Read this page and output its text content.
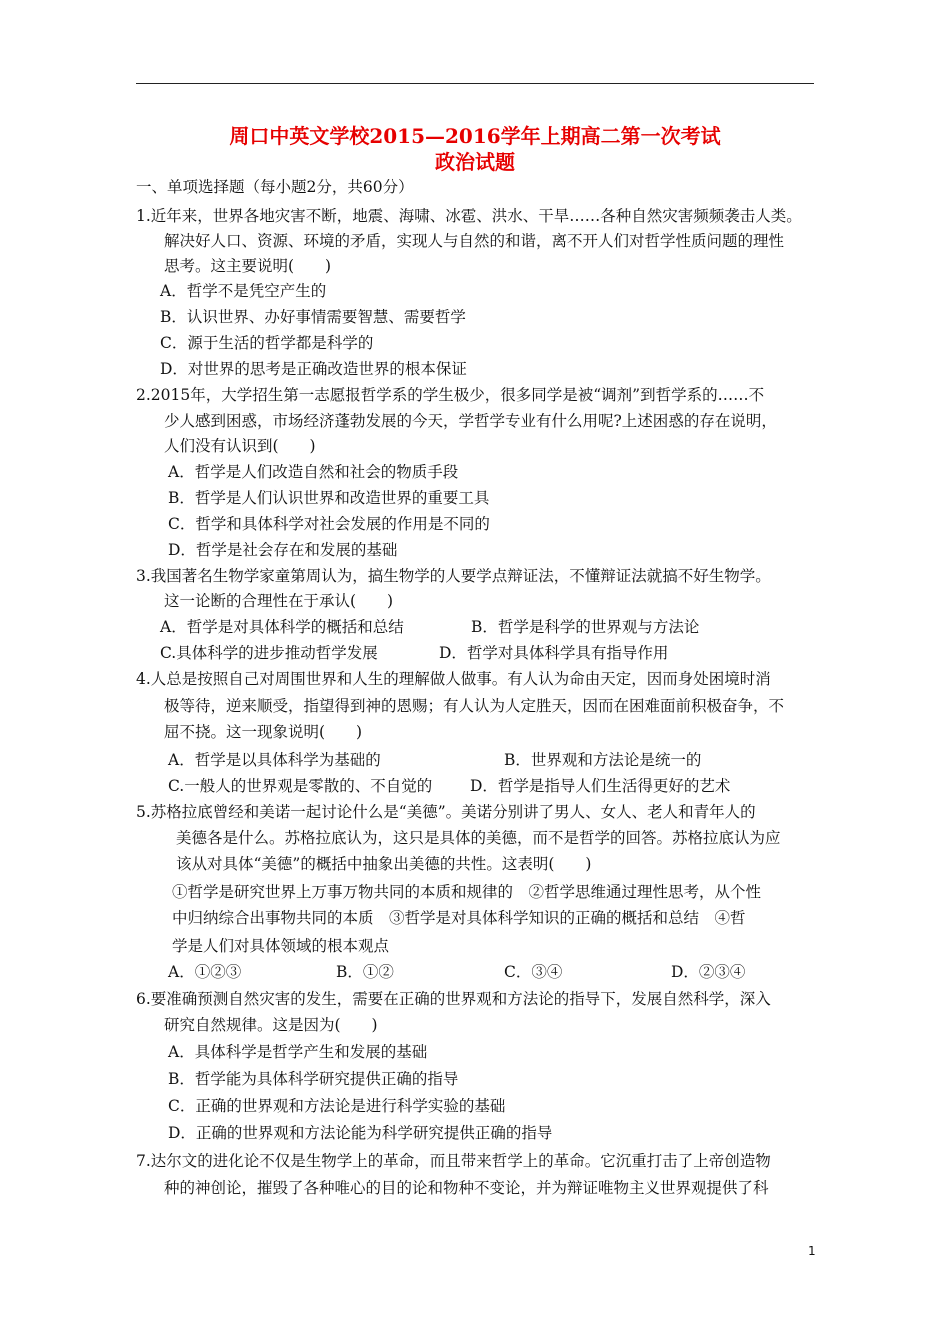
周口中英文学校2015—2016学年上期高二第一次考试
政治试题
一、单项选择题（每小题2分，共60分）
1.近年来，世界各地灾害不断，地震、海啸、冰雹、洪水、干旱……各种自然灾害频频袭击人类。
解决好人口、资源、环境的矛盾，实现人与自然的和谐，离不开人们对哲学性质问题的理性
思考。这主要说明(　　)
A．哲学不是凭空产生的
B．认识世界、办好事情需要智慧、需要哲学
C．源于生活的哲学都是科学的
D．对世界的思考是正确改造世界的根本保证
2.2015年，大学招生第一志愿报哲学系的学生极少，很多同学是被“调剂”到哲学系的……不
少人感到困惑，市场经济蓬勃发展的今天，学哲学专业有什么用呢?上述困惑的存在说明，
人们没有认识到(　　)
A．哲学是人们改造自然和社会的物质手段
B．哲学是人们认识世界和改造世界的重要工具
C．哲学和具体科学对社会发展的作用是不同的
D．哲学是社会存在和发展的基础
3.我国著名生物学家童第周认为，搞生物学的人要学点辩证法，不懂辩证法就搞不好生物学。
这一论断的合理性在于承认(　　)
A．哲学是对具体科学的概括和总结	B．哲学是科学的世界观与方法论
C.具体科学的进步推动哲学发展	D．哲学对具体科学具有指导作用
4.人总是按照自己对周围世界和人生的理解做人做事。有人认为命由天定，因而身处困境时消
极等待，逆来顺受，指望得到神的恩赐；有人认为人定胜天，因而在困难面前积极奋争，不
屈不挠。这一现象说明(　　)
A．哲学是以具体科学为基础的	B．世界观和方法论是统一的
C.一般人的世界观是零散的、不自觉的 D．哲学是指导人们生活得更好的艺术
5.苏格拉底曾经和美诺一起讨论什么是“美德”。美诺分别讲了男人、女人、老人和青年人的
美德各是什么。苏格拉底认为，这只是具体的美德，而不是哲学的回答。苏格拉底认为应
该从对具体“美德”的概括中抽象出美德的共性。这表明(　　)
①哲学是研究世界上万事万物共同的本质和规律的　②哲学思维通过理性思考，从个性
中归纳综合出事物共同的本质　③哲学是对具体科学知识的正确的概括和总结　④哲
学是人们对具体领域的根本观点
A．①②③	B．①②	C．③④	D．②③④
6.要准确预测自然灾害的发生，需要在正确的世界观和方法论的指导下，发展自然科学，深入
研究自然规律。这是因为(　　)
A．具体科学是哲学产生和发展的基础
B．哲学能为具体科学研究提供正确的指导
C．正确的世界观和方法论是进行科学实验的基础
D．正确的世界观和方法论能为科学研究提供正确的指导
7.达尔文的进化论不仅是生物学上的革命，而且带来哲学上的革命。它沉重打击了上帝创造物
种的神创论，摧毁了各种唯心的目的论和物种不变论，并为辩证唯物主义世界观提供了科
1
